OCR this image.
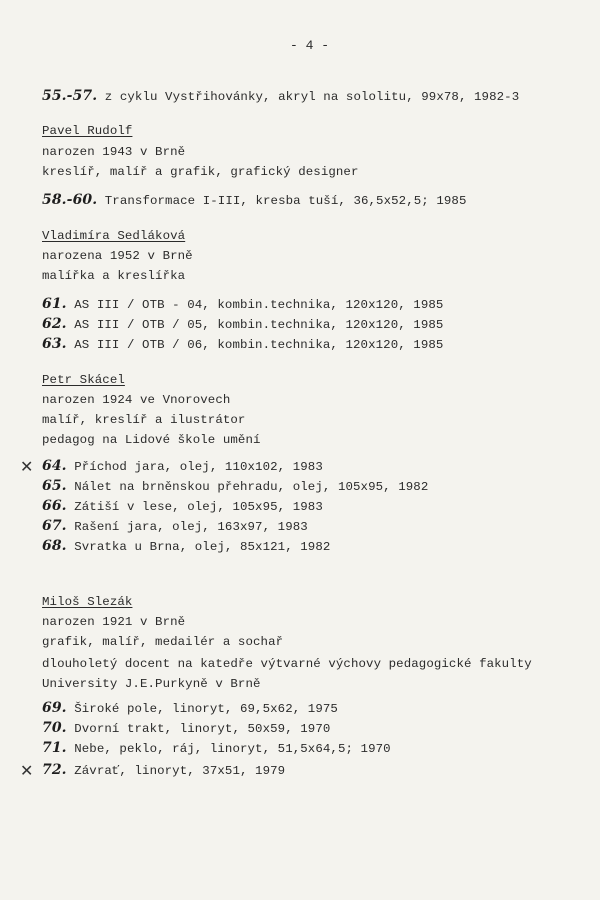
- 4 -
55.-57. z cyklu Vystřihovánky, akryl na sololitu, 99x78, 1982-3
Pavel Rudolf
narozen 1943 v Brně
kreslíř, malíř a grafik, grafický designer
58.-60. Transformace I-III, kresba tuší, 36,5x52,5; 1985
Vladimíra Sedláková
narozena 1952 v Brně
malířka a kreslířka
61. AS III / OTB - 04, kombin.technika, 120x120, 1985
62. AS III / OTB / 05, kombin.technika, 120x120, 1985
63. AS III / OTB / 06, kombin.technika, 120x120, 1985
Petr Skácel
narozen 1924 ve Vnorovech
malíř, kreslíř a ilustrátor
pedagog na Lidové škole umění
64. Příchod jara, olej, 110x102, 1983
✕
65. Nálet na brněnskou přehradu, olej, 105x95, 1982
66. Zátiší v lese, olej, 105x95, 1983
67. Rašení jara, olej, 163x97, 1983
68. Svratka u Brna, olej, 85x121, 1982
Miloš Slezák
narozen 1921 v Brně
grafik, malíř, medailér a sochař
dlouholetý docent na katedře výtvarné výchovy pedagogické fakulty
University J.E.Purkyně v Brně
69. Široké pole, linoryt, 69,5x62, 1975
70. Dvorní trakt, linoryt, 50x59, 1970
71. Nebe, peklo, ráj, linoryt, 51,5x64,5; 1970
72. Závrať, linoryt, 37x51, 1979
✕
